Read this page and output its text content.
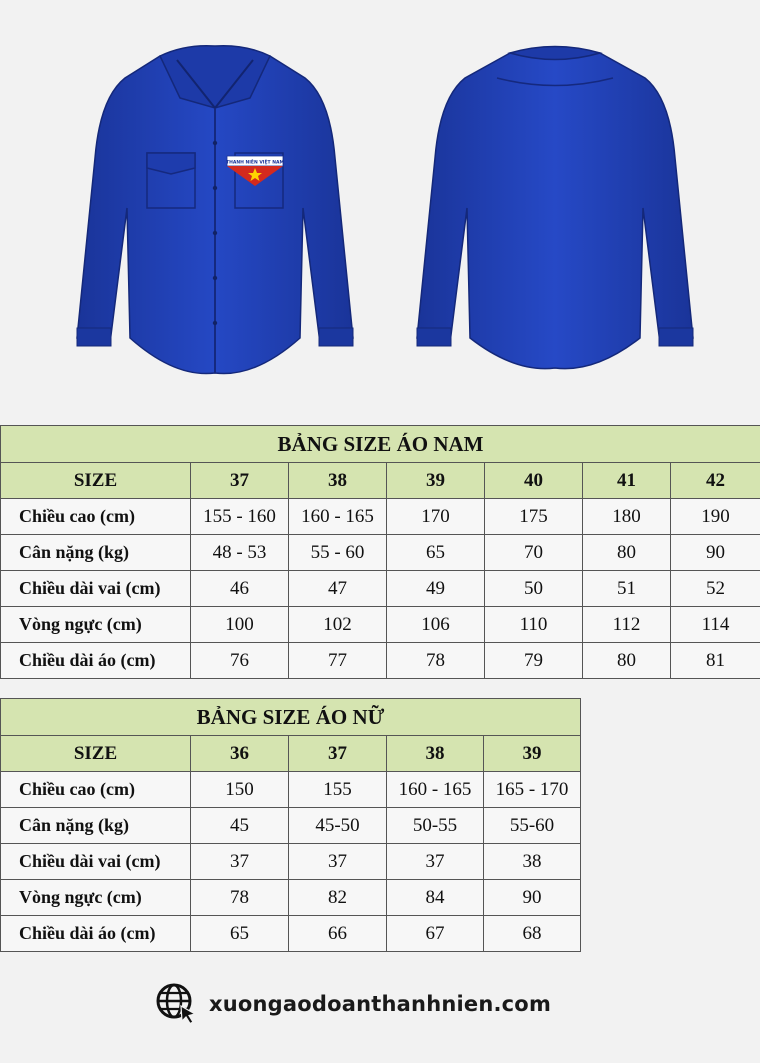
THANH NIÊN VIỆT NAM
BẢNG SIZE ÁO NAM						
SIZE	37	38	39	40	41	42
Chiều cao (cm)	155 - 160	160 - 165	170	175	180	190
Cân nặng (kg)	48 - 53	55 - 60	65	70	80	90
Chiều dài vai (cm)	46	47	49	50	51	52
Vòng ngực (cm)	100	102	106	110	112	114
Chiều dài áo (cm)	76	77	78	79	80	81
BẢNG SIZE ÁO NỮ				
SIZE	36	37	38	39
Chiều cao (cm)	150	155	160 - 165	165 - 170
Cân nặng (kg)	45	45-50	50-55	55-60
Chiều dài vai (cm)	37	37	37	38
Vòng ngực (cm)	78	82	84	90
Chiều dài áo (cm)	65	66	67	68
xuongaodoanthanhnien.com
